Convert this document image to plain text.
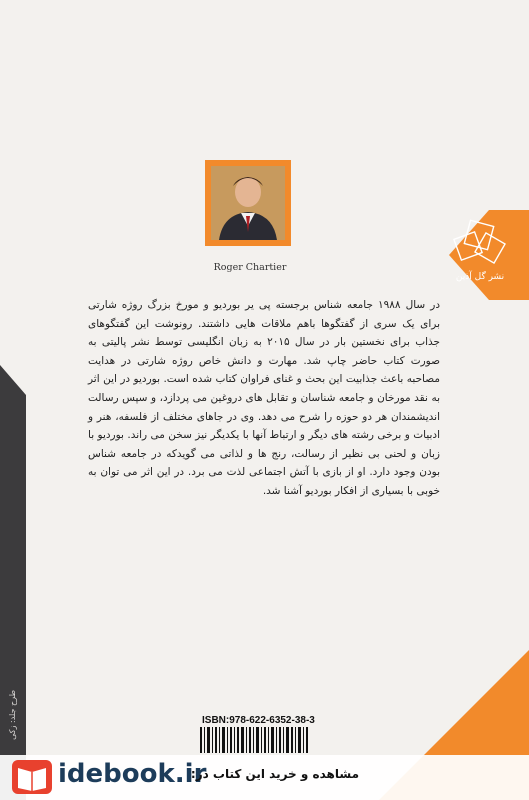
نشر گل آذین
Roger Chartier
در سال ۱۹۸۸ جامعه شناس برجسته پی یر بوردیو و مورخ بزرگ روژه شارتی برای یک سری از گفتگوها باهم ملاقات هایی داشتند. رونوشت این گفتگوهای جذاب برای نخستین بار در سال ۲۰۱۵ به زبان انگلیسی توسط نشر پالیتی به صورت کتاب حاضر چاپ شد. مهارت و دانش خاص روژه شارتی در هدایت مصاحبه باعث جذابیت این بحث و غنای فراوان کتاب شده است. بوردیو در این اثر به نقد مورخان و جامعه شناسان و تقابل های دروغین می پردازد، و سپس رسالت اندیشمندان هر دو حوزه را شرح می دهد. وی در جاهای مختلف از فلسفه، هنر و ادبیات و برخی رشته های دیگر و ارتباط آنها با یکدیگر نیز سخن می راند. بوردیو با زبان و لحنی بی نظیر از رسالت، رنج ها و لذاتی می گویدکه در جامعه شناس بودن وجود دارد. او از بازی با آتش اجتماعی لذت می برد. در این اثر می توان به خوبی با بسیاری از افکار بوردیو آشنا شد.
طرح جلد: زکی	ISBN:978-622-6352-38-3
idebook.ir
مشاهده و خرید این کتاب در:
